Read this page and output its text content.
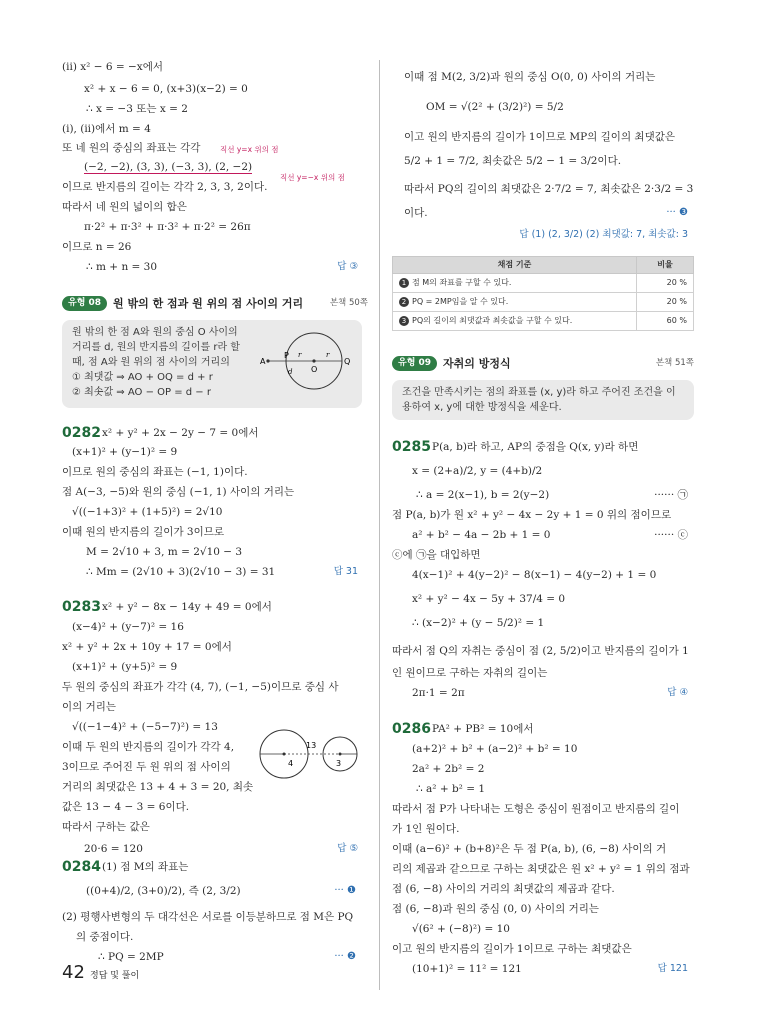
(ii) x² − 6 = −x에서
x² + x − 6 = 0, (x+3)(x−2) = 0
∴ x = −3 또는 x = 2
(i), (ii)에서 m = 4
또 네 원의 중심의 좌표는 각각	직선 y=x 위의 점
(−2, −2), (3, 3), (−3, 3), (2, −2)
이므로 반지름의 길이는 각각 2, 3, 3, 2이다.
직선 y=−x 위의 점
따라서 네 원의 넓이의 합은
π·2² + π·3² + π·3² + π·2² = 26π
이므로 n = 26
∴ m + n = 30	답 ③
유형 08	원 밖의 한 점과 원 위의 점 사이의 거리	본책 50쪽
원 밖의 한 점 A와 원의 중심 O 사이의
거리를 d, 원의 반지름의 길이를 r라 할
때, 점 A와 원 위의 점 사이의 거리의
① 최댓값 ⇒ AO + OQ = d + r
② 최솟값 ⇒ AO − OP = d − r
A
P
O
Q
r	r
d
0282 x² + y² + 2x − 2y − 7 = 0에서
(x+1)² + (y−1)² = 9
이므로 원의 중심의 좌표는 (−1, 1)이다.
점 A(−3, −5)와 원의 중심 (−1, 1) 사이의 거리는
√((−1+3)² + (1+5)²) = 2√10
이때 원의 반지름의 길이가 3이므로
M = 2√10 + 3, m = 2√10 − 3
∴ Mm = (2√10 + 3)(2√10 − 3) = 31	답 31
0283 x² + y² − 8x − 14y + 49 = 0에서
(x−4)² + (y−7)² = 16
x² + y² + 2x + 10y + 17 = 0에서
(x+1)² + (y+5)² = 9
두 원의 중심의 좌표가 각각 (4, 7), (−1, −5)이므로 중심 사
이의 거리는
√((−1−4)² + (−5−7)²) = 13
이때 두 원의 반지름의 길이가 각각 4,
3이므로 주어진 두 원 위의 점 사이의
거리의 최댓값은 13 + 4 + 3 = 20, 최솟
값은 13 − 4 − 3 = 6이다.
따라서 구하는 값은
20·6 = 120	답 ⑤
13
4	3
0284 (1) 점 M의 좌표는
((0+4)/2, (3+0)/2), 즉 (2, 3/2)	··· ❶
(2) 평행사변형의 두 대각선은 서로를 이등분하므로 점 M은 PQ
의 중점이다.
∴ PQ = 2MP	··· ❷
이때 점 M(2, 3/2)과 원의 중심 O(0, 0) 사이의 거리는
OM = √(2² + (3/2)²) = 5/2
이고 원의 반지름의 길이가 1이므로 MP의 길이의 최댓값은
5/2 + 1 = 7/2, 최솟값은 5/2 − 1 = 3/2이다.
따라서 PQ의 길이의 최댓값은 2·7/2 = 7, 최솟값은 2·3/2 = 3
이다.	··· ❸
답 (1) (2, 3/2) (2) 최댓값: 7, 최솟값: 3
채점 기준	비율
1 점 M의 좌표를 구할 수 있다.	20 %
2 PQ = 2MP임을 알 수 있다.	20 %
3 PQ의 길이의 최댓값과 최솟값을 구할 수 있다.	60 %
유형 09	자취의 방정식	본책 51쪽
조건을 만족시키는 점의 좌표를 (x, y)라 하고 주어진 조건을 이
용하여 x, y에 대한 방정식을 세운다.
0285 P(a, b)라 하고, AP의 중점을 Q(x, y)라 하면
x = (2+a)/2, y = (4+b)/2
∴ a = 2(x−1), b = 2(y−2)	······ ㉠
점 P(a, b)가 원 x² + y² − 4x − 2y + 1 = 0 위의 점이므로
a² + b² − 4a − 2b + 1 = 0	······ ⓒ
ⓒ에 ㉠을 대입하면
4(x−1)² + 4(y−2)² − 8(x−1) − 4(y−2) + 1 = 0
x² + y² − 4x − 5y + 37/4 = 0
∴ (x−2)² + (y − 5/2)² = 1
따라서 점 Q의 자취는 중심이 점 (2, 5/2)이고 반지름의 길이가 1
인 원이므로 구하는 자취의 길이는
2π·1 = 2π	답 ④
0286 PA² + PB² = 10에서
(a+2)² + b² + (a−2)² + b² = 10
2a² + 2b² = 2
∴ a² + b² = 1
따라서 점 P가 나타내는 도형은 중심이 원점이고 반지름의 길이
가 1인 원이다.
이때 (a−6)² + (b+8)²은 두 점 P(a, b), (6, −8) 사이의 거
리의 제곱과 같으므로 구하는 최댓값은 원 x² + y² = 1 위의 점과
점 (6, −8) 사이의 거리의 최댓값의 제곱과 같다.
점 (6, −8)과 원의 중심 (0, 0) 사이의 거리는
√(6² + (−8)²) = 10
이고 원의 반지름의 길이가 1이므로 구하는 최댓값은
(10+1)² = 11² = 121	답 121
42 정답 및 풀이
